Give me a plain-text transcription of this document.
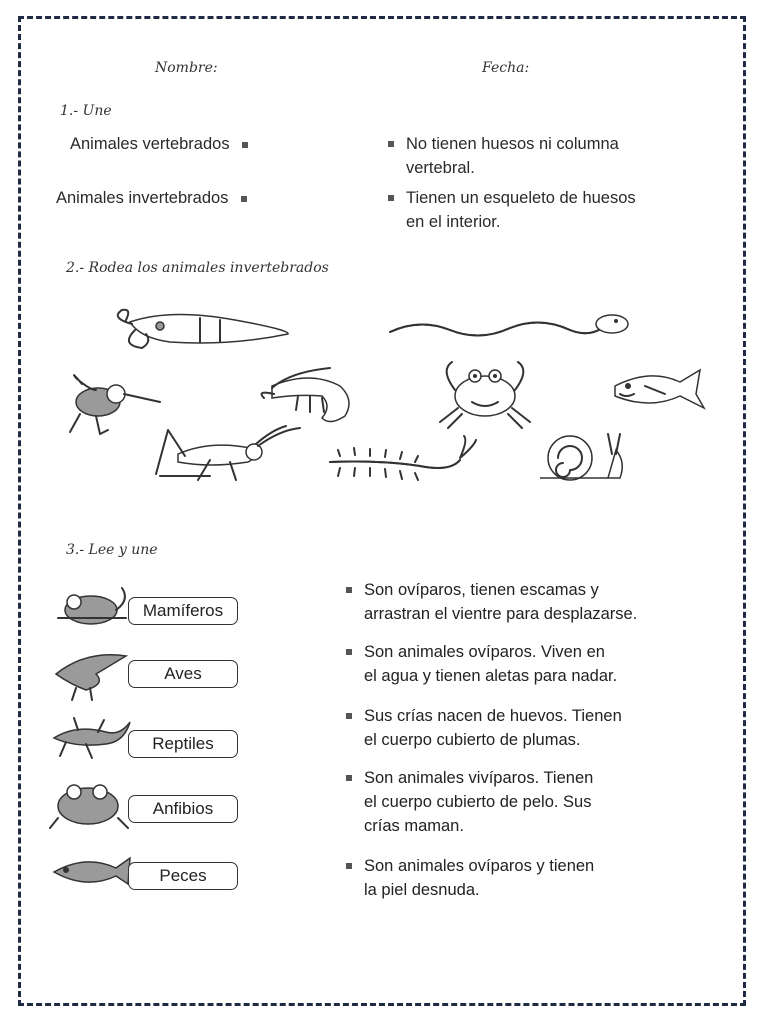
Nombre:	Fecha:
1.- Une
Animales vertebrados
Animales invertebrados
No tienen huesos ni columna
vertebral.
Tienen un esqueleto de huesos
en el interior.
2.- Rodea los animales invertebrados
3.- Lee y une
Mamíferos
Aves
Reptiles
Anfibios
Peces
Son ovíparos, tienen escamas y
arrastran el vientre para desplazarse.
Son animales ovíparos. Viven en
el agua y tienen aletas para nadar.
Sus crías nacen de huevos. Tienen
el cuerpo cubierto de plumas.
Son animales vivíparos. Tienen
el cuerpo cubierto de pelo. Sus
crías maman.
Son animales ovíparos y tienen
la piel desnuda.
